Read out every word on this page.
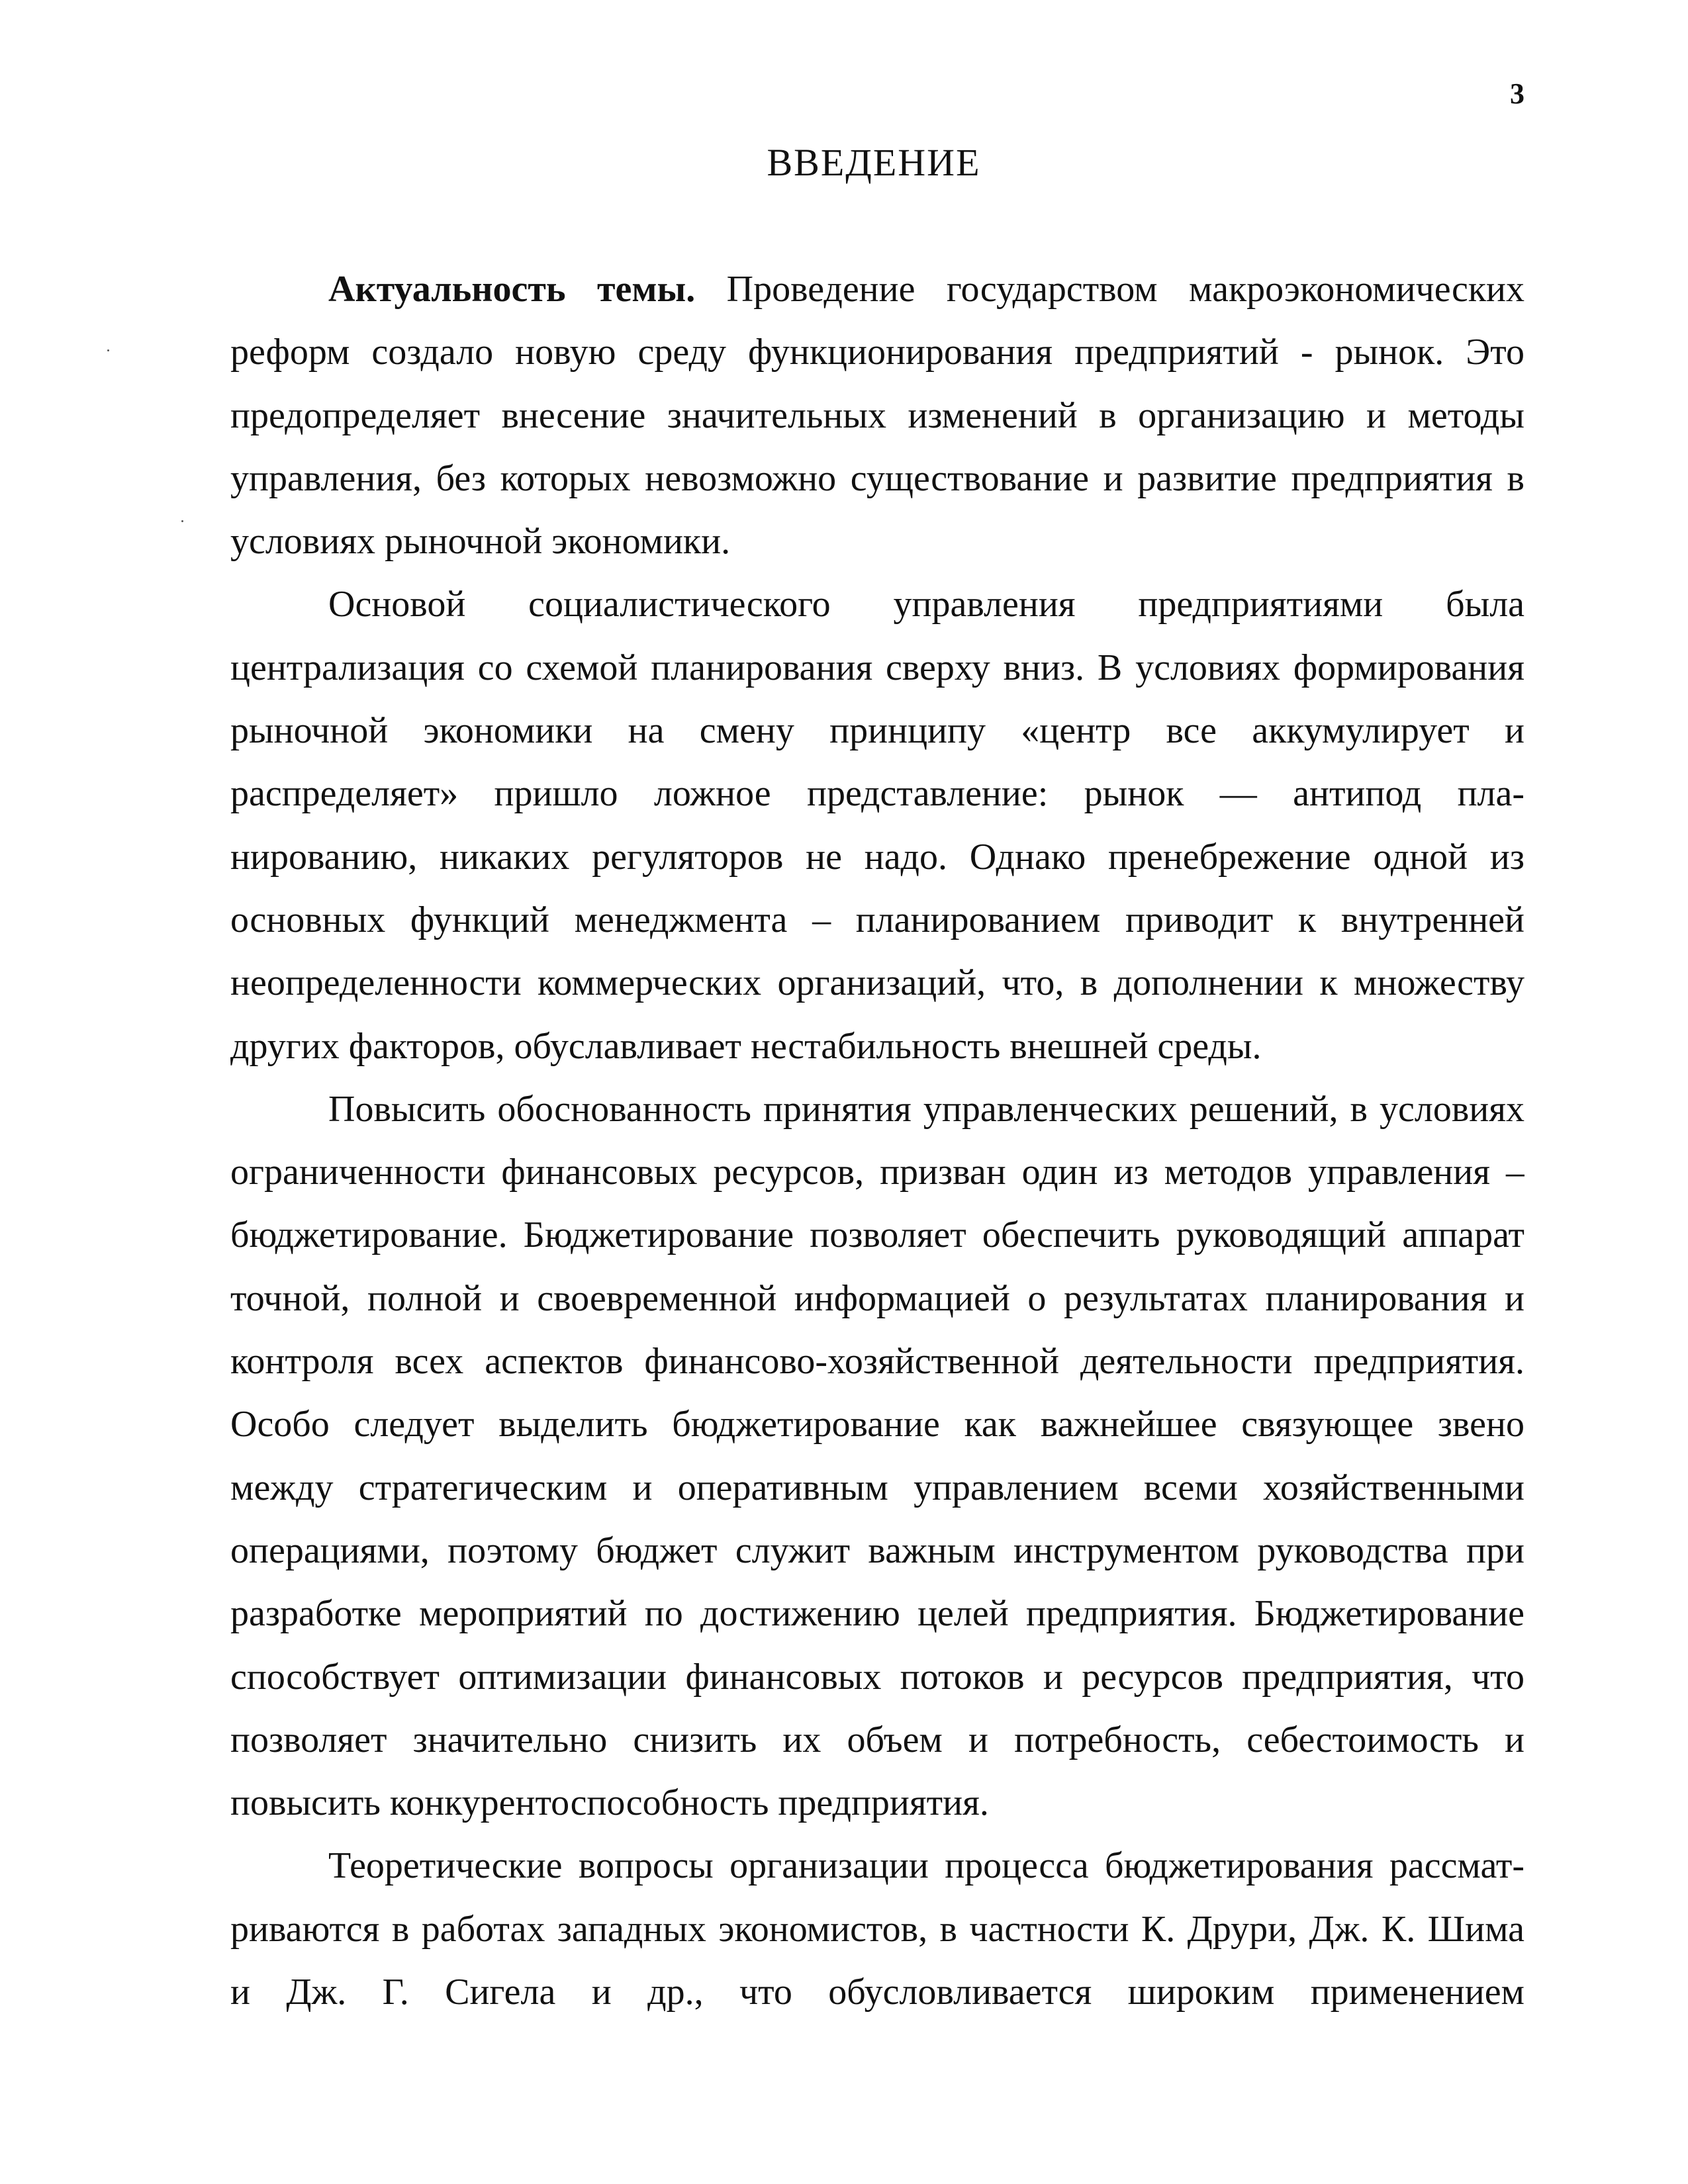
3
ВВЕДЕНИЕ
Актуальность темы. Проведение государством макроэкономических
реформ создало новую среду функционирования предприятий - рынок. Это
предопределяет внесение значительных изменений в организацию и методы
управления, без которых невозможно существование и развитие предприятия в
условиях рыночной экономики.
Основой социалистического управления предприятиями была
централизация со схемой планирования сверху вниз. В условиях формирования
рыночной экономики на смену принципу «центр все аккумулирует и
распределяет» пришло ложное представление: рынок — антипод пла-
нированию, никаких регуляторов не надо. Однако пренебрежение одной из
основных функций менеджмента – планированием приводит к внутренней
неопределенности коммерческих организаций, что, в дополнении к множеству
других факторов, обуславливает нестабильность внешней среды.
Повысить обоснованность принятия управленческих решений, в условиях
ограниченности финансовых ресурсов, призван один из методов управления –
бюджетирование. Бюджетирование позволяет обеспечить руководящий аппарат
точной, полной и своевременной информацией о результатах планирования и
контроля всех аспектов финансово-хозяйственной деятельности предприятия.
Особо следует выделить бюджетирование как важнейшее связующее звено
между стратегическим и оперативным управлением всеми хозяйственными
операциями, поэтому бюджет служит важным инструментом руководства при
разработке мероприятий по достижению целей предприятия. Бюджетирование
способствует оптимизации финансовых потоков и ресурсов предприятия, что
позволяет значительно снизить их объем и потребность, себестоимость и
повысить конкурентоспособность предприятия.
Теоретические вопросы организации процесса бюджетирования рассмат-
риваются в работах западных экономистов, в частности К. Друри, Дж. К. Шима
и Дж. Г. Сигела и др., что обусловливается широким применением
